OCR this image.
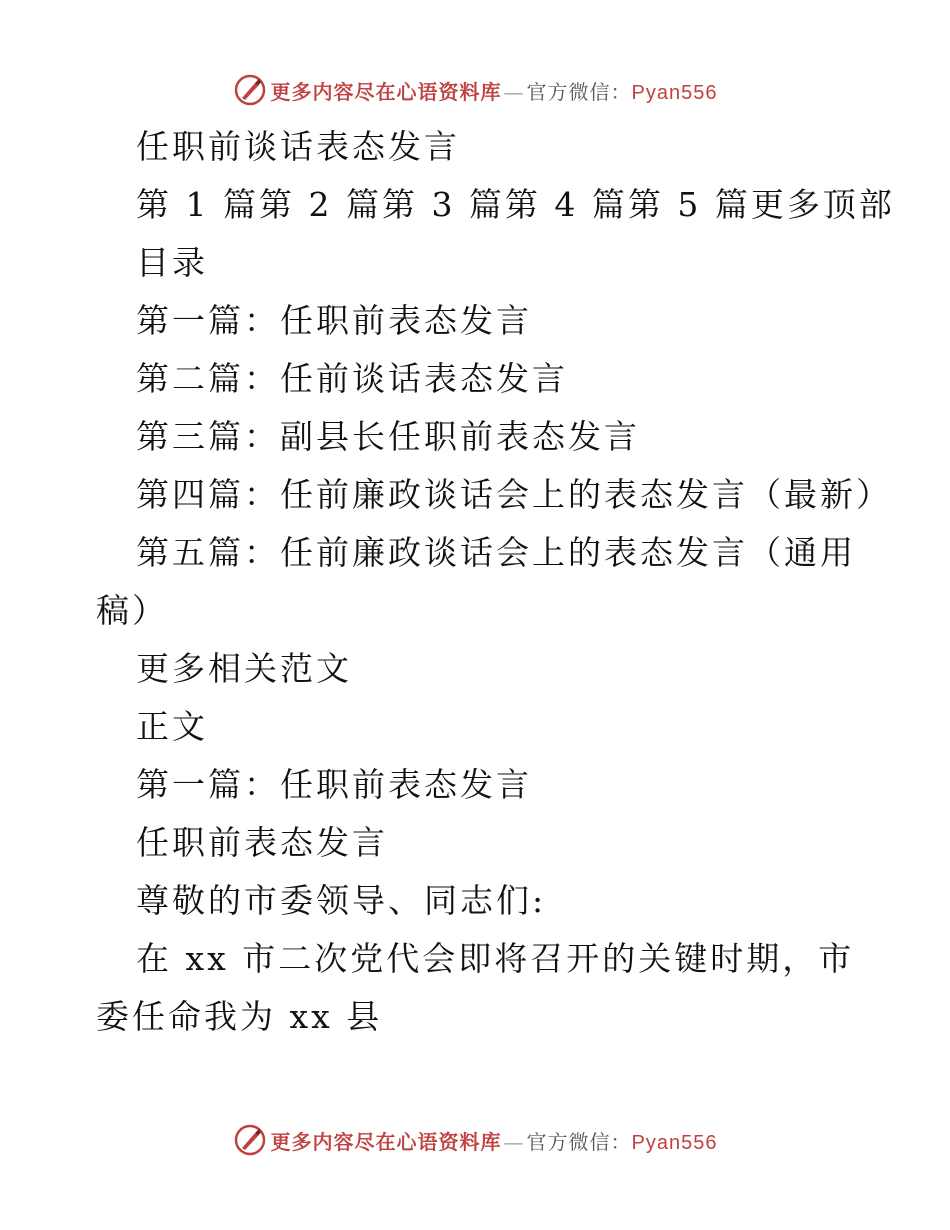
更多内容尽在心语资料库 — 官方微信：Pyan556

任职前谈话表态发言

第 1 篇第 2 篇第 3 篇第 4 篇第 5 篇更多顶部

目录

第一篇：任职前表态发言

第二篇：任前谈话表态发言

第三篇：副县长任职前表态发言

第四篇：任前廉政谈话会上的表态发言（最新）

第五篇：任前廉政谈话会上的表态发言（通用稿）

更多相关范文

正文

第一篇：任职前表态发言

任职前表态发言

尊敬的市委领导、同志们:

在 xx 市二次党代会即将召开的关键时期，市委任命我为 xx 县

更多内容尽在心语资料库 — 官方微信：Pyan556
